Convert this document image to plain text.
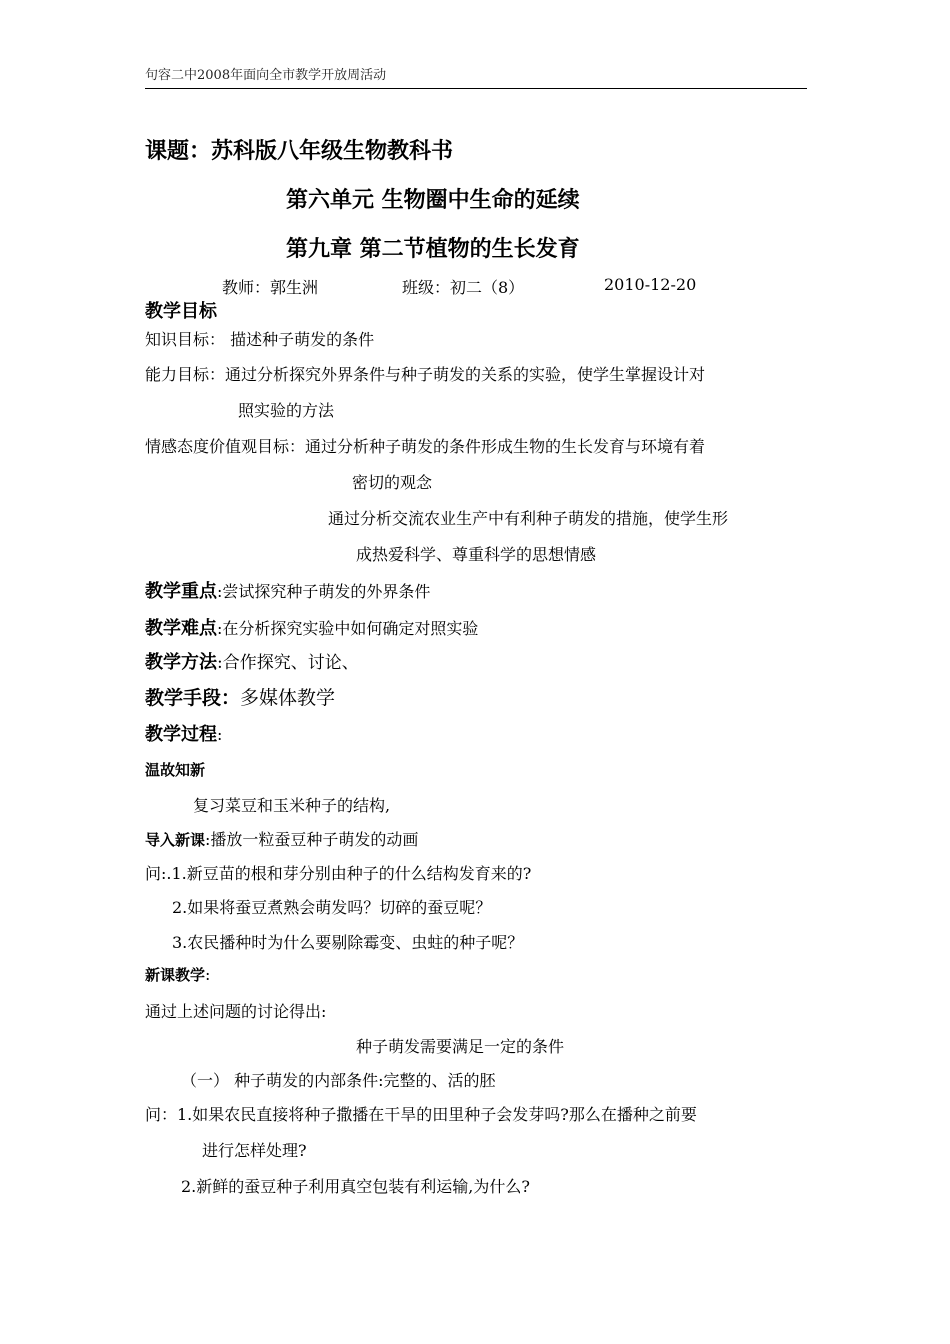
句容二中2008年面向全市教学开放周活动
课题：苏科版八年级生物教科书
第六单元 生物圈中生命的延续
第九章 第二节植物的生长发育
教师：郭生洲	班级：初二（8）	2010-12-20
教学目标
知识目标： 描述种子萌发的条件
能力目标：通过分析探究外界条件与种子萌发的关系的实验，使学生掌握设计对
照实验的方法
情感态度价值观目标：通过分析种子萌发的条件形成生物的生长发育与环境有着
密切的观念
通过分析交流农业生产中有利种子萌发的措施，使学生形
成热爱科学、尊重科学的思想情感
教学重点:尝试探究种子萌发的外界条件
教学难点:在分析探究实验中如何确定对照实验
教学方法:合作探究、讨论、
教学手段：多媒体教学
教学过程:
温故知新
复习菜豆和玉米种子的结构,
导入新课:播放一粒蚕豆种子萌发的动画
问:.1.新豆苗的根和芽分别由种子的什么结构发育来的?
2.如果将蚕豆煮熟会萌发吗？切碎的蚕豆呢？
3.农民播种时为什么要剔除霉变、虫蛀的种子呢？
新课教学:
通过上述问题的讨论得出:
种子萌发需要满足一定的条件
（一） 种子萌发的内部条件:完整的、活的胚
问：1.如果农民直接将种子撒播在干旱的田里种子会发芽吗?那么在播种之前要
进行怎样处理?
2.新鲜的蚕豆种子利用真空包装有利运输,为什么?
